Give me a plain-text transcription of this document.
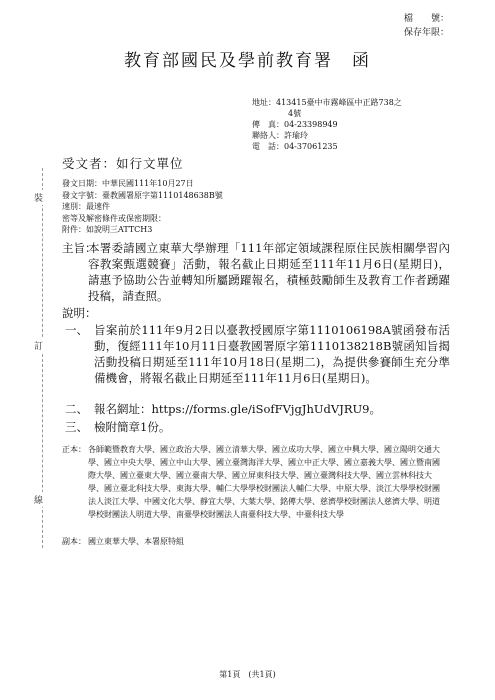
檔　　號：
保存年限：
教育部國民及學前教育署　函
地址：413415臺中市霧峰區中正路738之
4號
傳　真：04-23398949
聯絡人：許瑜玲
電　話：04-37061235
受文者：如行文單位
發文日期：中華民國111年10月27日
發文字號：臺教國署原字第1110148638B號
速別：最速件
密等及解密條件或保密期限：
附件：如說明三ATTCH3
主旨：
本署委請國立東華大學辦理「111年部定領域課程原住民族相關學習內容教案甄選競賽」活動，報名截止日期延至111年11月6日(星期日)，請惠予協助公告並轉知所屬踴躍報名，積極鼓勵師生及教育工作者踴躍投稿，請查照。
說明：
一、 旨案前於111年9月2日以臺教授國原字第1110106198A號函發布活動，復經111年10月11日臺教國署原字第1110138218B號函知旨揭活動投稿日期延至111年10月18日(星期二)，為提供參賽師生充分準備機會，將報名截止日期延至111年11月6日(星期日)。
二、 報名網址：https://forms.gle/iSofFVjgJhUdVJRU9。
三、 檢附簡章1份。
正本： 各師範暨教育大學、國立政治大學、國立清華大學、國立成功大學、國立中興大學、國立陽明交通大學、國立中央大學、國立中山大學、國立臺灣海洋大學、國立中正大學、國立嘉義大學、國立暨南國際大學、國立臺東大學、國立臺南大學、國立屏東科技大學、國立臺灣科技大學、國立雲林科技大學、國立臺北科技大學、東海大學、輔仁大學學校財團法人輔仁大學、中原大學、淡江大學學校財團法人淡江大學、中國文化大學、靜宜大學、大葉大學、銘傳大學、慈濟學校財團法人慈濟大學、明道學校財團法人明道大學、南臺學校財團法人南臺科技大學、中臺科技大學
副本： 國立東華大學、本署原特組
裝
訂
線
第1頁　(共1頁)
